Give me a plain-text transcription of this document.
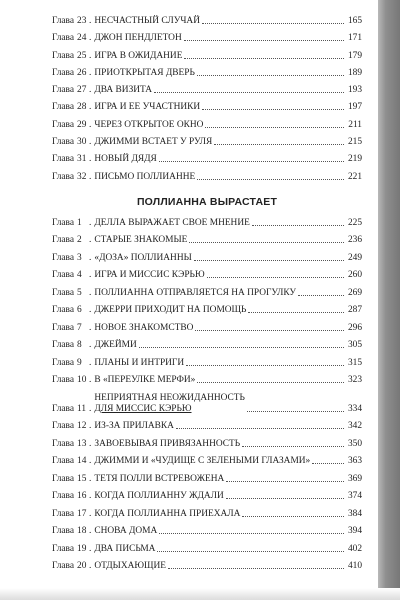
Глава 23 . НЕСЧАСТНЫЙ СЛУЧАЙ	165
Глава 24 . ДЖОН ПЕНДЛЕТОН	171
Глава 25 . ИГРА В ОЖИДАНИЕ	179
Глава 26 . ПРИОТКРЫТАЯ ДВЕРЬ	189
Глава 27 . ДВА ВИЗИТА	193
Глава 28 . ИГРА И ЕЕ УЧАСТНИКИ	197
Глава 29 . ЧЕРЕЗ ОТКРЫТОЕ ОКНО	211
Глава 30 . ДЖИММИ ВСТАЕТ У РУЛЯ	215
Глава 31 . НОВЫЙ ДЯДЯ	219
Глава 32 . ПИСЬМО ПОЛЛИАННЕ	221
ПОЛЛИАННА ВЫРАСТАЕТ
Глава 1 . ДЕЛЛА ВЫРАЖАЕТ СВОЕ МНЕНИЕ	225
Глава 2 . СТАРЫЕ ЗНАКОМЫЕ	236
Глава 3 . «ДОЗА» ПОЛЛИАННЫ	249
Глава 4 . ИГРА И МИССИС КЭРЬЮ	260
Глава 5 . ПОЛЛИАННА ОТПРАВЛЯЕТСЯ НА ПРОГУЛКУ	269
Глава 6 . ДЖЕРРИ ПРИХОДИТ НА ПОМОЩЬ	287
Глава 7 . НОВОЕ ЗНАКОМСТВО	296
Глава 8 . ДЖЕЙМИ	305
Глава 9 . ПЛАНЫ И ИНТРИГИ	315
Глава 10 . В «ПЕРЕУЛКЕ МЕРФИ»	323
Глава 11 .
НЕПРИЯТНАЯ НЕОЖИДАННОСТЬ
ДЛЯ МИССИС КЭРЬЮ	334
Глава 12 . ИЗ-ЗА ПРИЛАВКА	342
Глава 13 . ЗАВОЕВЫВАЯ ПРИВЯЗАННОСТЬ	350
Глава 14 . ДЖИММИ И «ЧУДИЩЕ С ЗЕЛЕНЫМИ ГЛАЗАМИ»	363
Глава 15 . ТЕТЯ ПОЛЛИ ВСТРЕВОЖЕНА	369
Глава 16 . КОГДА ПОЛЛИАННУ ЖДАЛИ	374
Глава 17 . КОГДА ПОЛЛИАННА ПРИЕХАЛА	384
Глава 18 . СНОВА ДОМА	394
Глава 19 . ДВА ПИСЬМА	402
Глава 20 . ОТДЫХАЮЩИЕ	410
